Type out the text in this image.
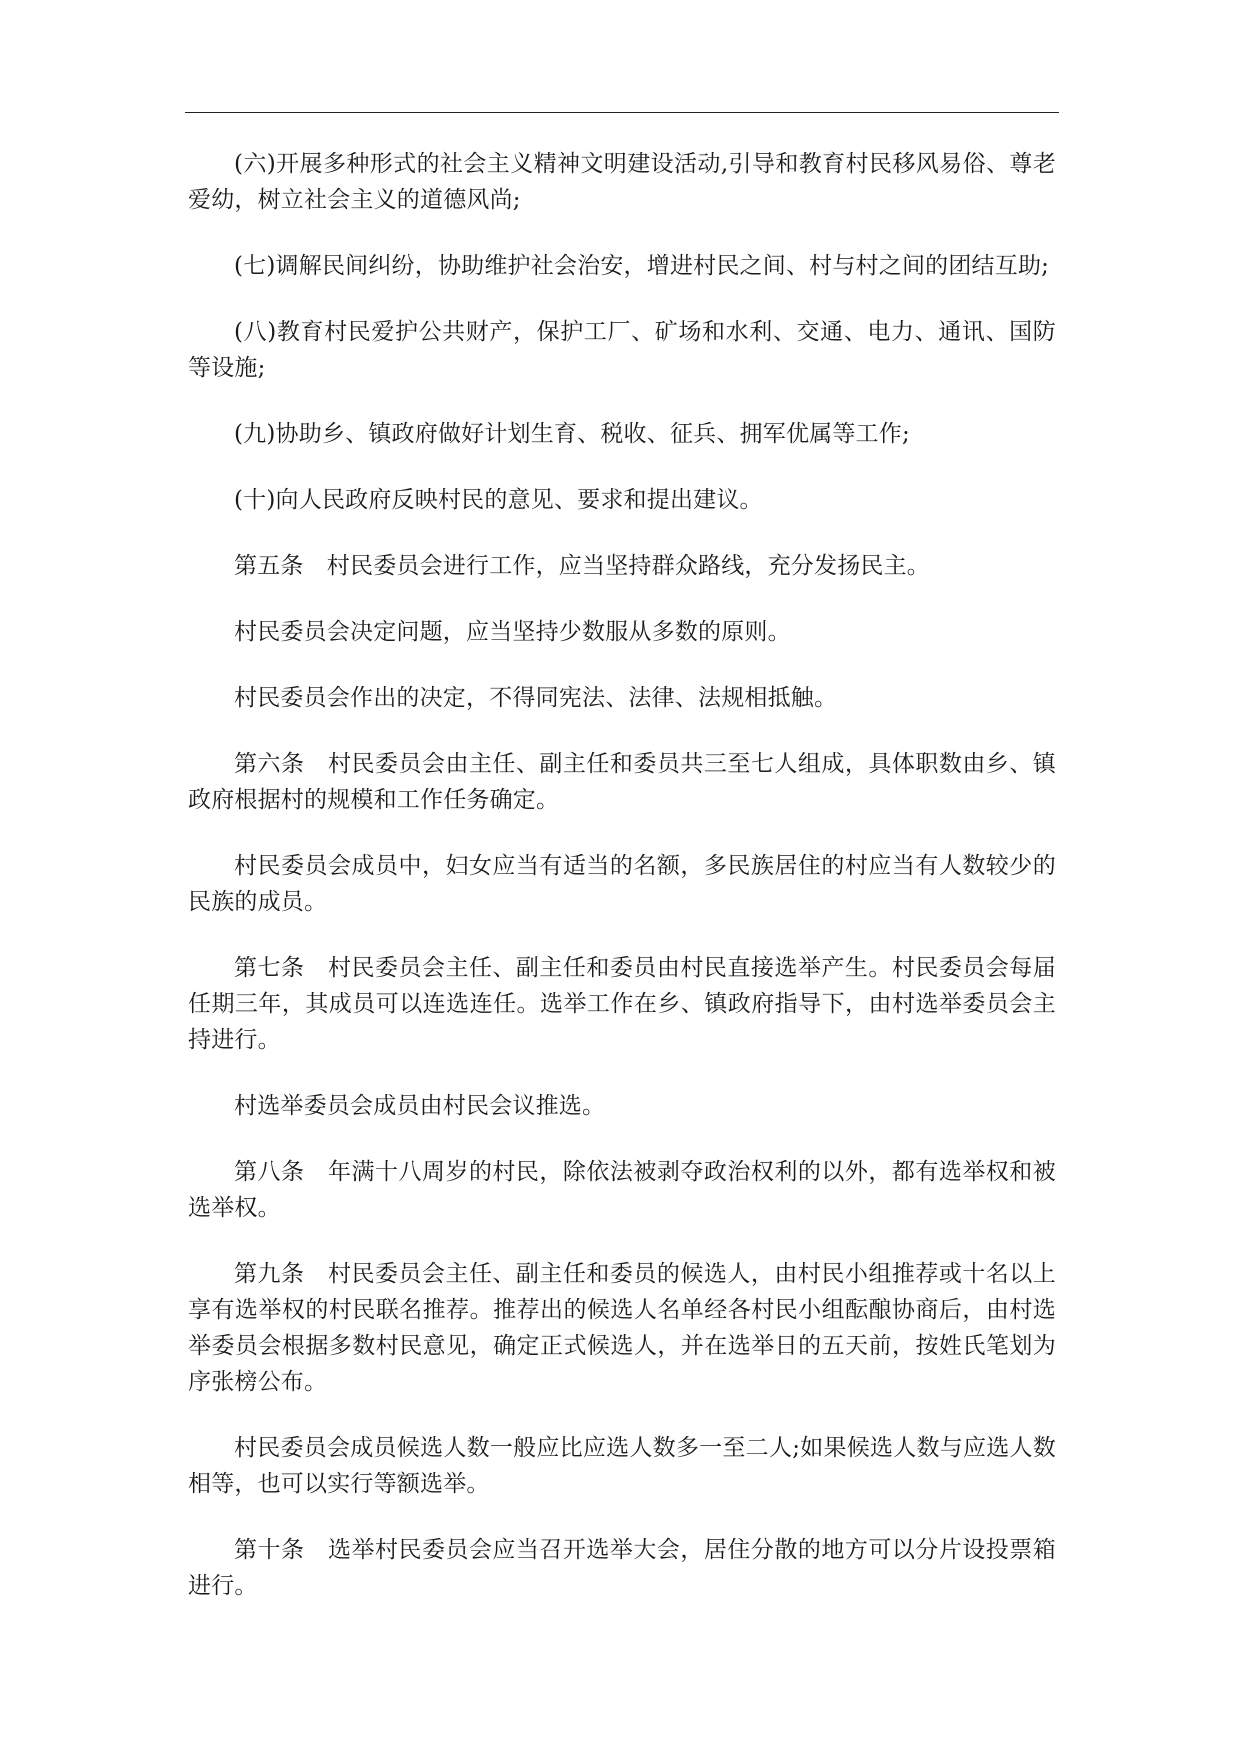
(六)开展多种形式的社会主义精神文明建设活动,引导和教育村民移风易俗、尊老爱幼，树立社会主义的道德风尚;

(七)调解民间纠纷，协助维护社会治安，增进村民之间、村与村之间的团结互助;

(八)教育村民爱护公共财产，保护工厂、矿场和水利、交通、电力、通讯、国防等设施;

(九)协助乡、镇政府做好计划生育、税收、征兵、拥军优属等工作;

(十)向人民政府反映村民的意见、要求和提出建议。

第五条　村民委员会进行工作，应当坚持群众路线，充分发扬民主。

村民委员会决定问题，应当坚持少数服从多数的原则。

村民委员会作出的决定，不得同宪法、法律、法规相抵触。

第六条　村民委员会由主任、副主任和委员共三至七人组成，具体职数由乡、镇政府根据村的规模和工作任务确定。

村民委员会成员中，妇女应当有适当的名额，多民族居住的村应当有人数较少的民族的成员。

第七条　村民委员会主任、副主任和委员由村民直接选举产生。村民委员会每届任期三年，其成员可以连选连任。选举工作在乡、镇政府指导下，由村选举委员会主持进行。

村选举委员会成员由村民会议推选。

第八条　年满十八周岁的村民，除依法被剥夺政治权利的以外，都有选举权和被选举权。

第九条　村民委员会主任、副主任和委员的候选人，由村民小组推荐或十名以上享有选举权的村民联名推荐。推荐出的候选人名单经各村民小组酝酿协商后，由村选举委员会根据多数村民意见，确定正式候选人，并在选举日的五天前，按姓氏笔划为序张榜公布。

村民委员会成员候选人数一般应比应选人数多一至二人;如果候选人数与应选人数相等，也可以实行等额选举。

第十条　选举村民委员会应当召开选举大会，居住分散的地方可以分片设投票箱进行。
